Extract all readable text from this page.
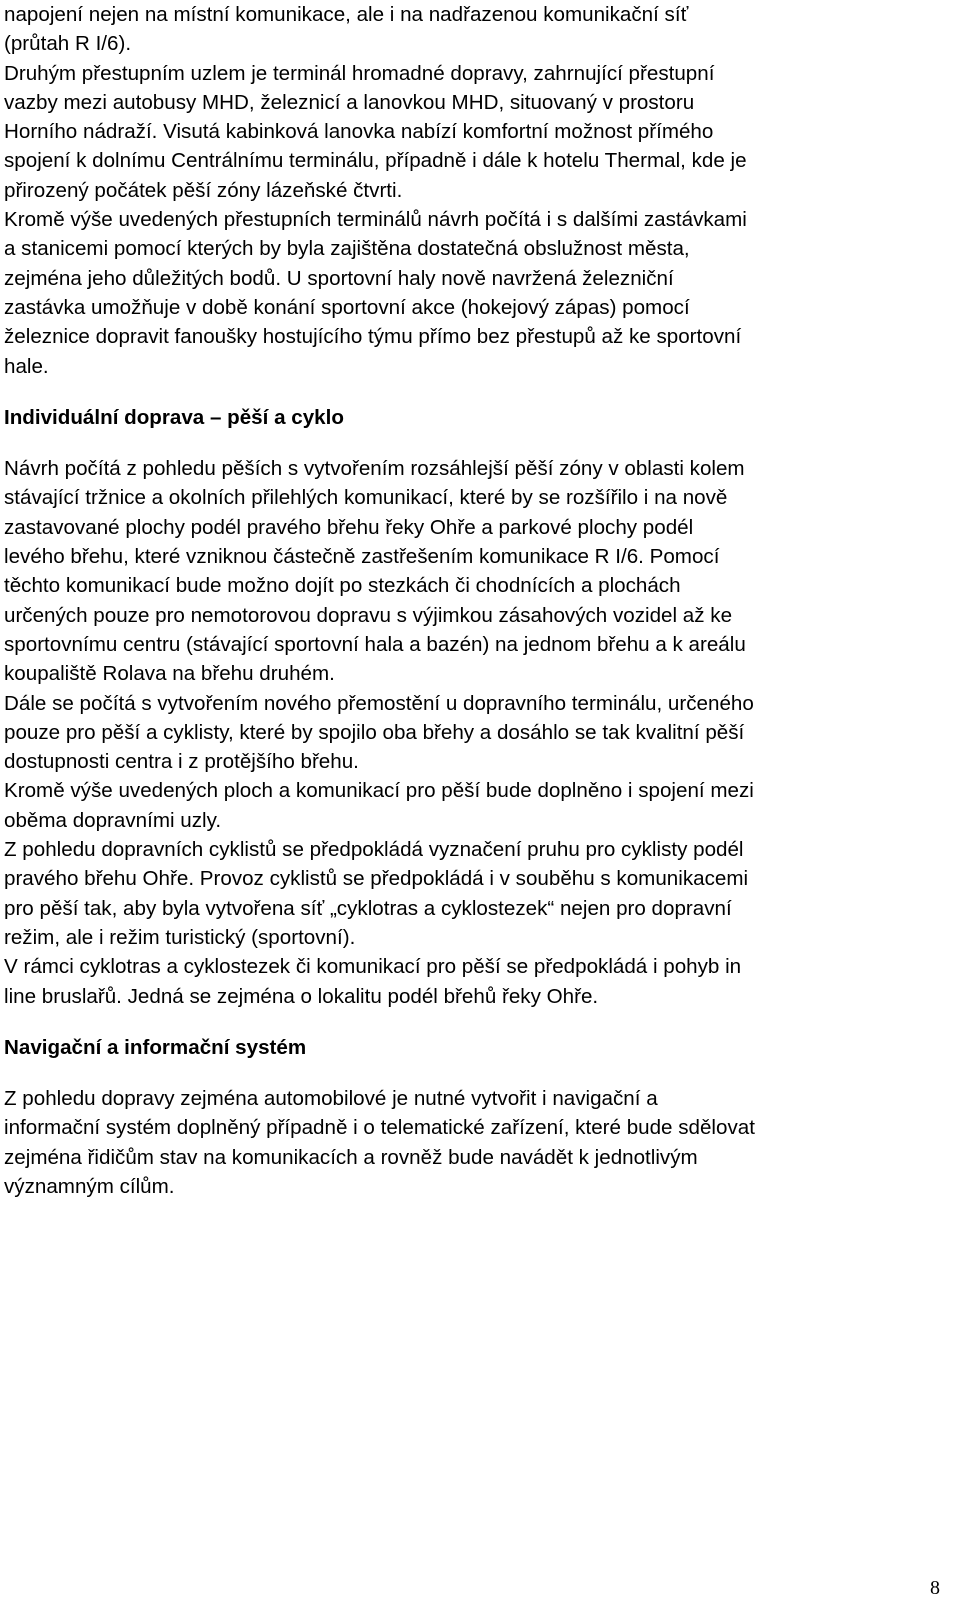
napojení nejen na místní komunikace, ale i na nadřazenou komunikační síť
(průtah R I/6).

Druhým přestupním uzlem je terminál hromadné dopravy, zahrnující přestupní
vazby mezi autobusy MHD, železnicí a lanovkou MHD, situovaný v prostoru
Horního nádraží. Visutá kabinková lanovka nabízí komfortní možnost přímého
spojení k dolnímu Centrálnímu terminálu, případně i dále k hotelu Thermal, kde je
přirozený počátek pěší zóny lázeňské čtvrti.

Kromě výše uvedených přestupních terminálů návrh počítá i s dalšími zastávkami
a stanicemi pomocí kterých by byla zajištěna dostatečná obslužnost města,
zejména jeho důležitých bodů. U sportovní haly nově navržená železniční
zastávka umožňuje v době konání sportovní akce (hokejový zápas) pomocí
železnice dopravit fanoušky hostujícího týmu přímo bez přestupů až ke sportovní
hale.

Individuální doprava – pěší a cyklo

Návrh počítá z pohledu pěších s vytvořením rozsáhlejší pěší zóny v oblasti kolem
stávající tržnice a okolních přilehlých komunikací, které by se rozšířilo i na nově
zastavované plochy podél pravého břehu řeky Ohře a parkové plochy podél
levého břehu, které vzniknou částečně zastřešením komunikace R I/6. Pomocí
těchto komunikací bude možno dojít po stezkách či chodnících a plochách
určených pouze pro nemotorovou dopravu s výjimkou zásahových vozidel až ke
sportovnímu centru (stávající sportovní hala a bazén) na jednom břehu a k areálu
koupaliště Rolava na břehu druhém.

Dále se počítá s vytvořením nového přemostění u dopravního terminálu, určeného
pouze pro pěší a cyklisty, které by spojilo oba břehy a dosáhlo se tak kvalitní pěší
dostupnosti centra i z protějšího břehu.

Kromě výše uvedených ploch a komunikací pro pěší bude doplněno i spojení mezi
oběma dopravními uzly.

Z pohledu dopravních cyklistů se předpokládá vyznačení pruhu pro cyklisty podél
pravého břehu Ohře. Provoz cyklistů se předpokládá i v souběhu s komunikacemi
pro pěší tak, aby byla vytvořena síť „cyklotras a cyklostezek“ nejen pro dopravní
režim, ale i režim turistický (sportovní).

V rámci cyklotras a cyklostezek či komunikací pro pěší se předpokládá i pohyb in
line bruslařů. Jedná se zejména o lokalitu podél břehů řeky Ohře.

Navigační a informační systém

Z pohledu dopravy zejména automobilové je nutné vytvořit i navigační a
informační systém doplněný případně i o telematické zařízení, které bude sdělovat
zejména řidičům stav na komunikacích a rovněž bude navádět k jednotlivým
významným cílům.

8
